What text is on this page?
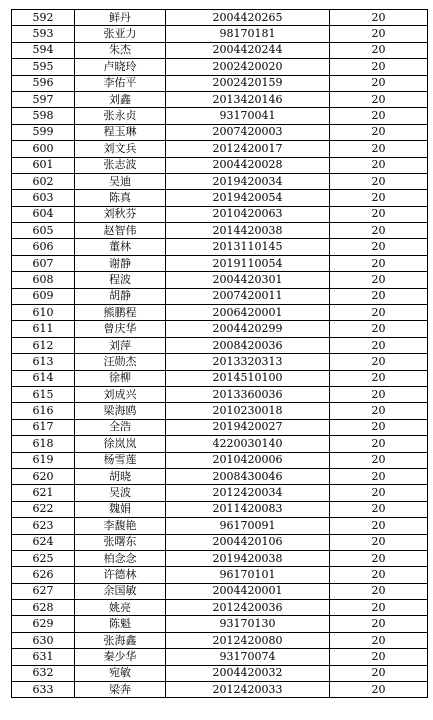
592	鲜丹	2004420265	20
593	张亚力	98170181	20
594	朱杰	2004420244	20
595	卢晓玲	2002420020	20
596	李佑平	2002420159	20
597	刘鑫	2013420146	20
598	张永贞	93170041	20
599	程玉琳	2007420003	20
600	刘文兵	2012420017	20
601	张志波	2004420028	20
602	吴迪	2019420034	20
603	陈真	2019420054	20
604	刘秋芬	2010420063	20
605	赵智伟	2014420038	20
606	董林	2013110145	20
607	谢静	2019110054	20
608	程波	2004420301	20
609	胡静	2007420011	20
610	熊鹏程	2006420001	20
611	曾庆华	2004420299	20
612	刘萍	2008420036	20
613	汪勋杰	2013320313	20
614	徐柳	2014510100	20
615	刘成兴	2013360036	20
616	梁海鸥	2010230018	20
617	全浩	2019420027	20
618	徐岚岚	4220030140	20
619	杨雪莲	2010420006	20
620	胡晓	2008430046	20
621	吴波	2012420034	20
622	魏娟	2011420083	20
623	李馥艳	96170091	20
624	张曙东	2004420106	20
625	柏念念	2019420038	20
626	许德林	96170101	20
627	余国敏	2004420001	20
628	姚亮	2012420036	20
629	陈魁	93170130	20
630	张海鑫	2012420080	20
631	秦少华	93170074	20
632	宛敏	2004420032	20
633	梁奔	2012420033	20
